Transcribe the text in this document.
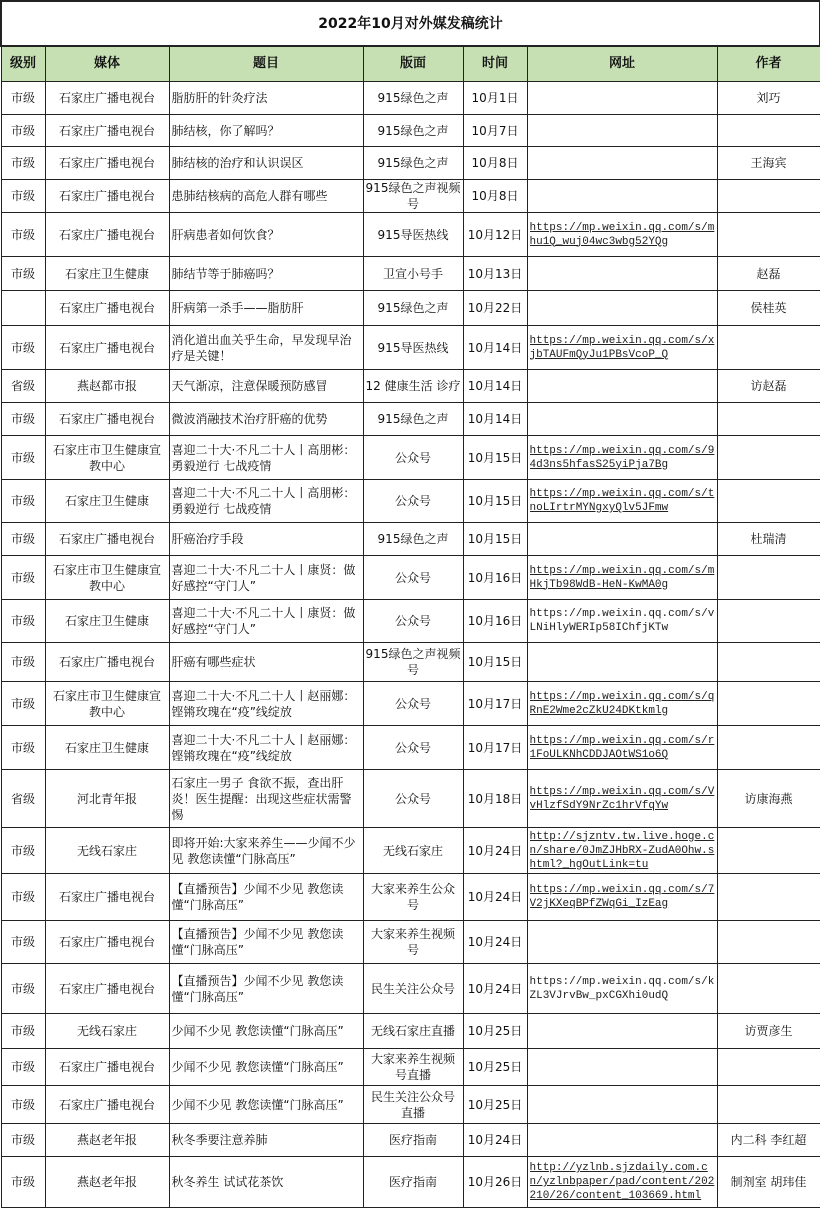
2022年10月对外媒发稿统计						
级别	媒体	题目	版面	时间	网址	作者
市级	石家庄广播电视台	脂肪肝的针灸疗法	915绿色之声	10月1日		刘巧
市级	石家庄广播电视台	肺结核，你了解吗？	915绿色之声	10月7日	

市级	石家庄广播电视台	肺结核的治疗和认识误区	915绿色之声	10月8日		王海宾
市级	石家庄广播电视台	患肺结核病的高危人群有哪些	915绿色之声视频号	10月8日	

市级	石家庄广播电视台	肝病患者如何饮食？	915导医热线	10月12日	https://mp.weixin.qq.com/s/mhu1Q_wuj04wc3wbg52YQg	

市级	石家庄卫生健康	肺结节等于肺癌吗？	卫宣小号手	10月13日		赵磊
	石家庄广播电视台	肝病第一杀手——脂肪肝	915绿色之声	10月22日		侯桂英
市级	石家庄广播电视台	消化道出血关乎生命，早发现早治疗是关键！	915导医热线	10月14日	https://mp.weixin.qq.com/s/xjbTAUFmQyJu1PBsVcoP_Q	

省级	燕赵都市报	天气渐凉，注意保暖预防感冒	12 健康生活 诊疗	10月14日		访赵磊
市级	石家庄广播电视台	微波消融技术治疗肝癌的优势	915绿色之声	10月14日	

市级	石家庄市卫生健康宣教中心	喜迎二十大·不凡二十人丨高朋彬：勇毅逆行 七战疫情	公众号	10月15日	https://mp.weixin.qq.com/s/94d3ns5hfasS25yiPja7Bg	

市级	石家庄卫生健康	喜迎二十大·不凡二十人丨高朋彬：勇毅逆行 七战疫情	公众号	10月15日	https://mp.weixin.qq.com/s/tnoLIrtrMYNgxyQlv5JFmw	

市级	石家庄广播电视台	肝癌治疗手段	915绿色之声	10月15日		杜瑞清
市级	石家庄市卫生健康宣教中心	喜迎二十大·不凡二十人丨康贤：做好感控“守门人”	公众号	10月16日	https://mp.weixin.qq.com/s/mHkjTb98WdB-HeN-KwMA0g	

市级	石家庄卫生健康	喜迎二十大·不凡二十人丨康贤：做好感控“守门人”	公众号	10月16日	https://mp.weixin.qq.com/s/vLNiHlyWERIp58IChfjKTw	

市级	石家庄广播电视台	肝癌有哪些症状	915绿色之声视频号	10月15日	

市级	石家庄市卫生健康宣教中心	喜迎二十大·不凡二十人丨赵丽娜：铿锵玫瑰在“疫”线绽放	公众号	10月17日	https://mp.weixin.qq.com/s/qRnE2Wme2cZkU24DKtkmlg	

市级	石家庄卫生健康	喜迎二十大·不凡二十人丨赵丽娜：铿锵玫瑰在“疫”线绽放	公众号	10月17日	https://mp.weixin.qq.com/s/r1FoULKNhCDDJAOtWS1o6Q	

省级	河北青年报	石家庄一男子 食欲不振，查出肝炎！医生提醒：出现这些症状需警惕	公众号	10月18日	https://mp.weixin.qq.com/s/VvHlzfSdY9NrZc1hrVfqYw	访康海燕
市级	无线石家庄	即将开始:大家来养生——少闻不少见 教您读懂“门脉高压”	无线石家庄	10月24日	http://sjzntv.tw.live.hoge.cn/share/0JmZJHbRX-ZudA0Ohw.shtml?_hgOutLink=tu	

市级	石家庄广播电视台	【直播预告】少闻不少见 教您读懂“门脉高压”	大家来养生公众号	10月24日	https://mp.weixin.qq.com/s/7V2jKXeqBPfZWqGi_IzEag	

市级	石家庄广播电视台	【直播预告】少闻不少见 教您读懂“门脉高压”	大家来养生视频号	10月24日	

市级	石家庄广播电视台	【直播预告】少闻不少见 教您读懂“门脉高压”	民生关注公众号	10月24日	https://mp.weixin.qq.com/s/kZL3VJrvBw_pxCGXhi0udQ	

市级	无线石家庄	少闻不少见 教您读懂“门脉高压”	无线石家庄直播	10月25日		访贾彦生
市级	石家庄广播电视台	少闻不少见 教您读懂“门脉高压”	大家来养生视频号直播	10月25日	

市级	石家庄广播电视台	少闻不少见 教您读懂“门脉高压”	民生关注公众号直播	10月25日	

市级	燕赵老年报	秋冬季要注意养肺	医疗指南	10月24日		内二科 李红超
市级	燕赵老年报	秋冬养生 试试花茶饮	医疗指南	10月26日	http://yzlnb.sjzdaily.com.cn/yzlnbpaper/pad/content/202210/26/content_103669.html	制剂室 胡玮佳
